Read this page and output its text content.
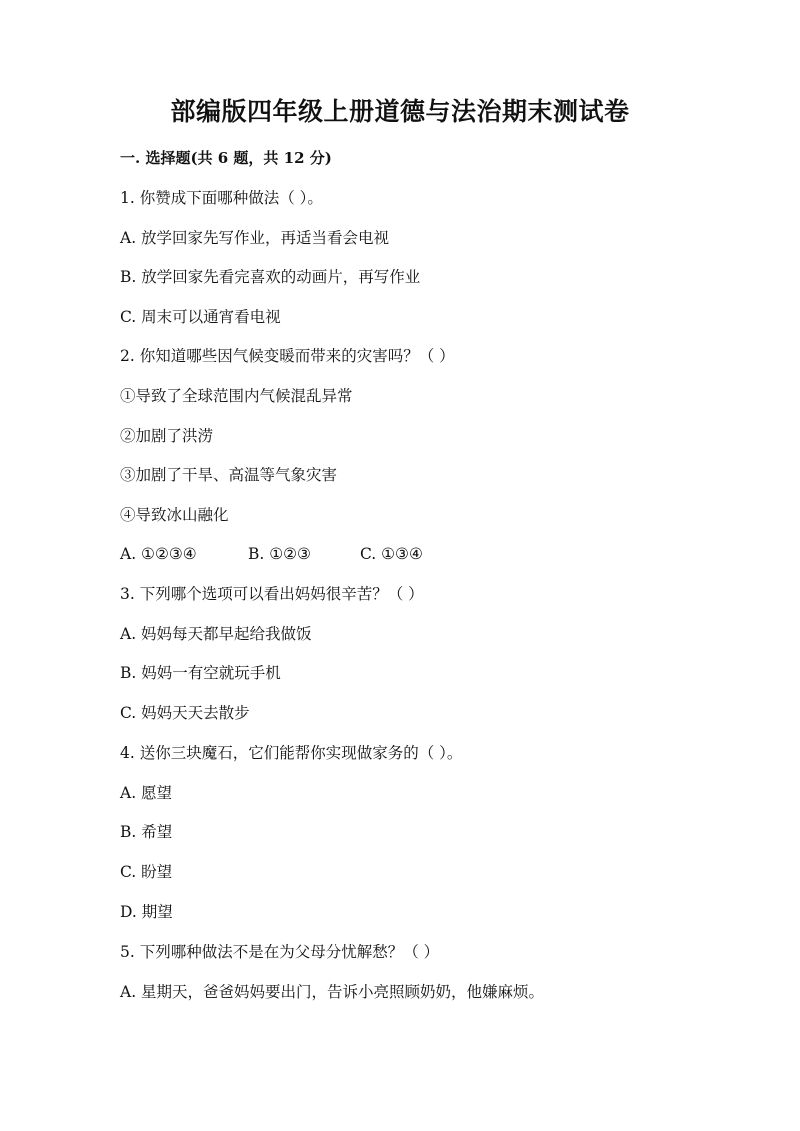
部编版四年级上册道德与法治期末测试卷

一. 选择题(共 6 题，共 12 分)

1. 你赞成下面哪种做法（ ）。

A. 放学回家先写作业，再适当看会电视

B. 放学回家先看完喜欢的动画片，再写作业

C. 周末可以通宵看电视

2. 你知道哪些因气候变暖而带来的灾害吗？（ ）

①导致了全球范围内气候混乱异常

②加剧了洪涝

③加剧了干旱、高温等气象灾害

④导致冰山融化

A. ①②③④	B. ①②③	C. ①③④

3. 下列哪个选项可以看出妈妈很辛苦？（ ）

A. 妈妈每天都早起给我做饭

B. 妈妈一有空就玩手机

C. 妈妈天天去散步

4. 送你三块魔石，它们能帮你实现做家务的（ ）。

A. 愿望

B. 希望

C. 盼望

D. 期望

5. 下列哪种做法不是在为父母分忧解愁？（ ）

A. 星期天，爸爸妈妈要出门，告诉小亮照顾奶奶，他嫌麻烦。
